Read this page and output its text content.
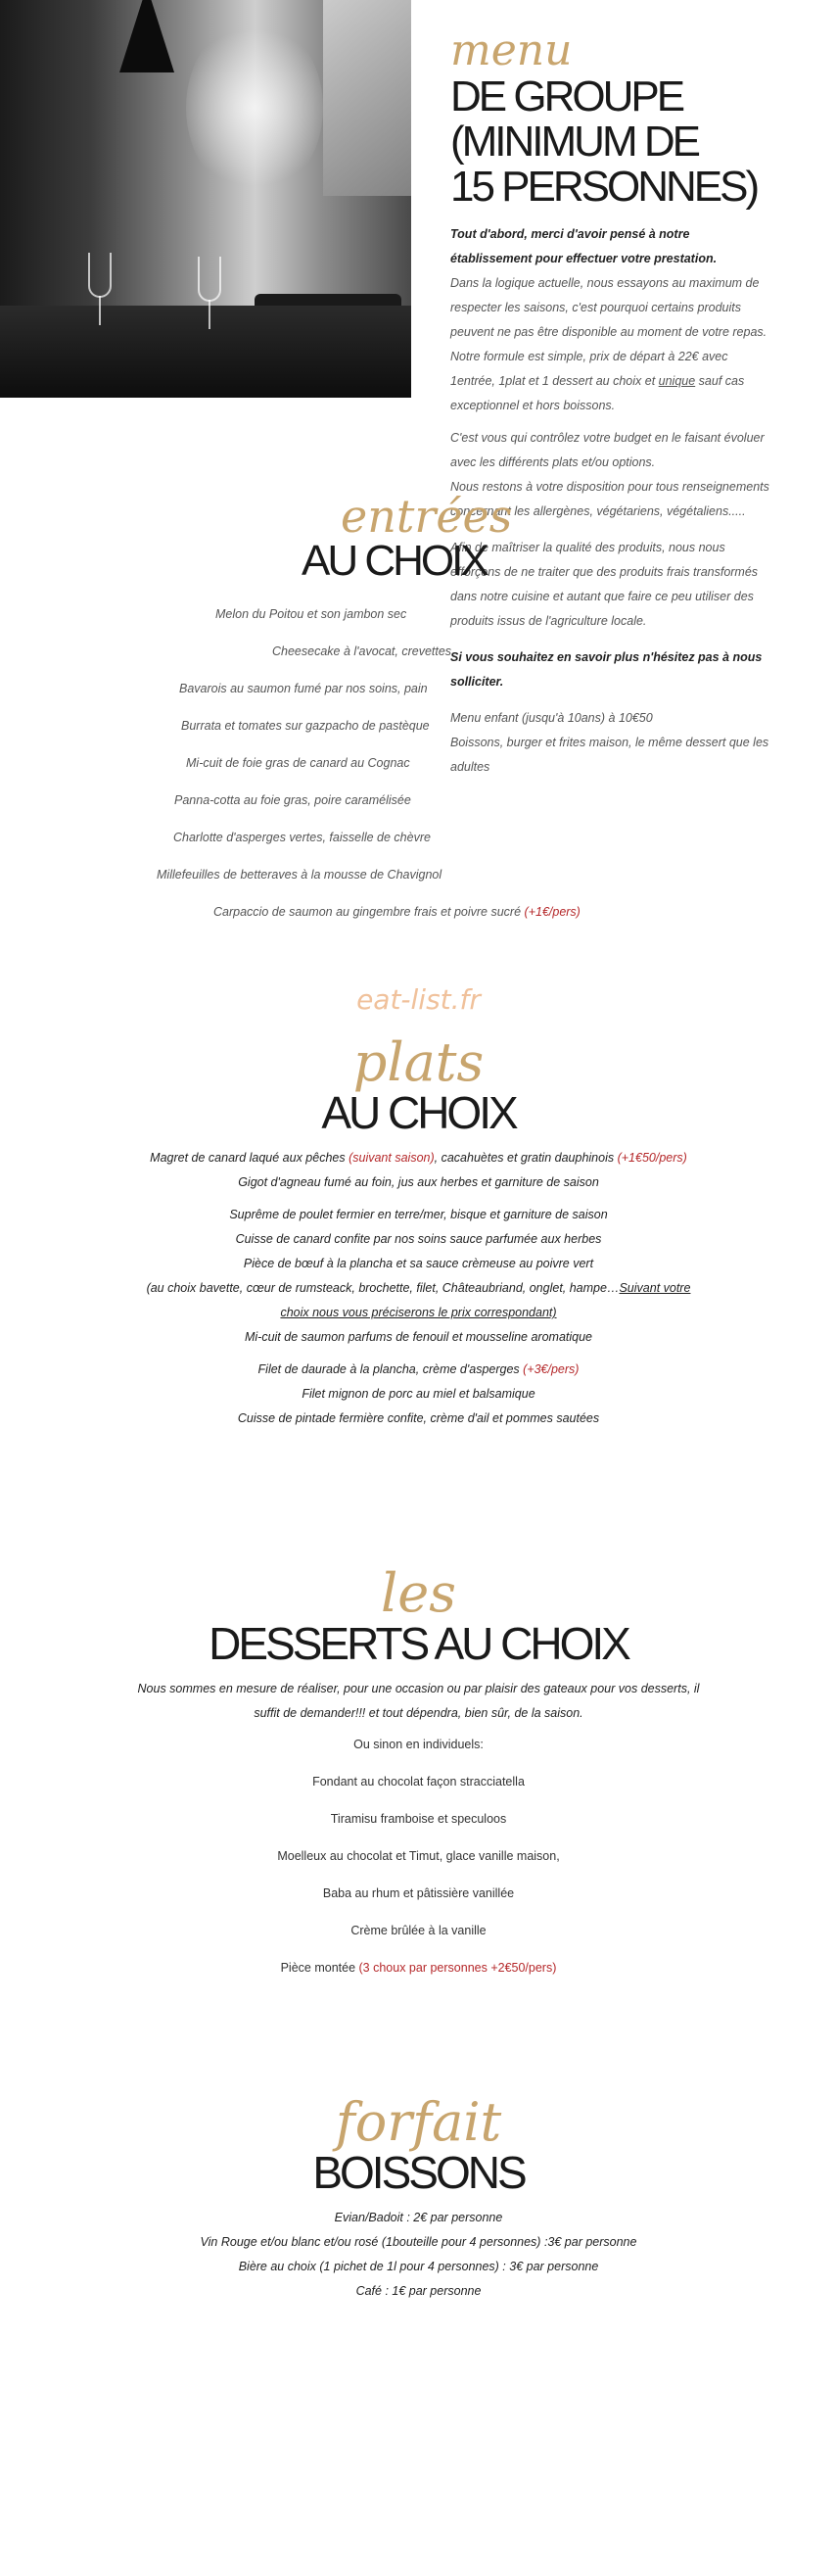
menu
DE GROUPE
(MINIMUM DE
15 PERSONNES)

Tout d'abord, merci d'avoir pensé à notre établissement pour effectuer votre prestation.

Dans la logique actuelle, nous essayons au maximum de respecter les saisons, c'est pourquoi certains produits peuvent ne pas être disponible au moment de votre repas.

Notre formule est simple, prix de départ à 22€ avec 1entrée, 1plat et 1 dessert au choix et unique sauf cas exceptionnel et hors boissons.

C'est vous qui contrôlez votre budget en le faisant évoluer avec les différents plats et/ou options.

Nous restons à votre disposition pour tous renseignements concernant les allergènes, végétariens, végétaliens.....

Afin de maîtriser la qualité des produits, nous nous efforçons de ne traiter que des produits frais transformés dans notre cuisine et autant que faire ce peu utiliser des produits issus de l'agriculture locale.

Si vous souhaitez en savoir plus n'hésitez pas à nous solliciter.

Menu enfant (jusqu'à 10ans) à 10€50

Boissons, burger et frites maison, le même dessert que les adultes

entrées
AU CHOIX
Melon du Poitou et son jambon sec
Cheesecake à l'avocat, crevettes
Bavarois au saumon fumé par nos soins, pain
Burrata et tomates sur gazpacho de pastèque
Mi-cuit de foie gras de canard au Cognac
Panna-cotta au foie gras, poire caramélisée
Charlotte d'asperges vertes, faisselle de chèvre
Millefeuilles de betteraves à la mousse de Chavignol
Carpaccio de saumon au gingembre frais et poivre sucré (+1€/pers)
eat-list.fr
plats
AU CHOIX
Magret de canard laqué aux pêches (suivant saison), cacahuètes et gratin dauphinois (+1€50/pers)
Gigot d'agneau fumé au foin, jus aux herbes et garniture de saison
Suprême de poulet fermier en terre/mer, bisque et garniture de saison
Cuisse de canard confite par nos soins sauce parfumée aux herbes
Pièce de bœuf à la plancha et sa sauce crèmeuse au poivre vert
(au choix bavette, cœur de rumsteack, brochette, filet, Châteaubriand, onglet, hampe…Suivant votre
choix nous vous préciserons le prix correspondant)
Mi-cuit de saumon parfums de fenouil et mousseline aromatique
Filet de daurade à la plancha, crème d'asperges (+3€/pers)
Filet mignon de porc au miel et balsamique
Cuisse de pintade fermière confite, crème d'ail et pommes sautées
les
DESSERTS AU CHOIX
Nous sommes en mesure de réaliser, pour une occasion ou par plaisir des gateaux pour vos desserts, il
suffit de demander!!! et tout dépendra, bien sûr, de la saison.
Ou sinon en individuels:
Fondant au chocolat façon stracciatella
Tiramisu framboise et speculoos
Moelleux au chocolat et Timut, glace vanille maison,
Baba au rhum et pâtissière vanillée
Crème brûlée à la vanille
Pièce montée (3 choux par personnes +2€50/pers)
forfait
BOISSONS
Evian/Badoit : 2€ par personne
Vin Rouge et/ou blanc et/ou rosé (1bouteille pour 4 personnes) :3€ par personne
Bière au choix (1 pichet de 1l pour 4 personnes) : 3€ par personne
Café : 1€ par personne
